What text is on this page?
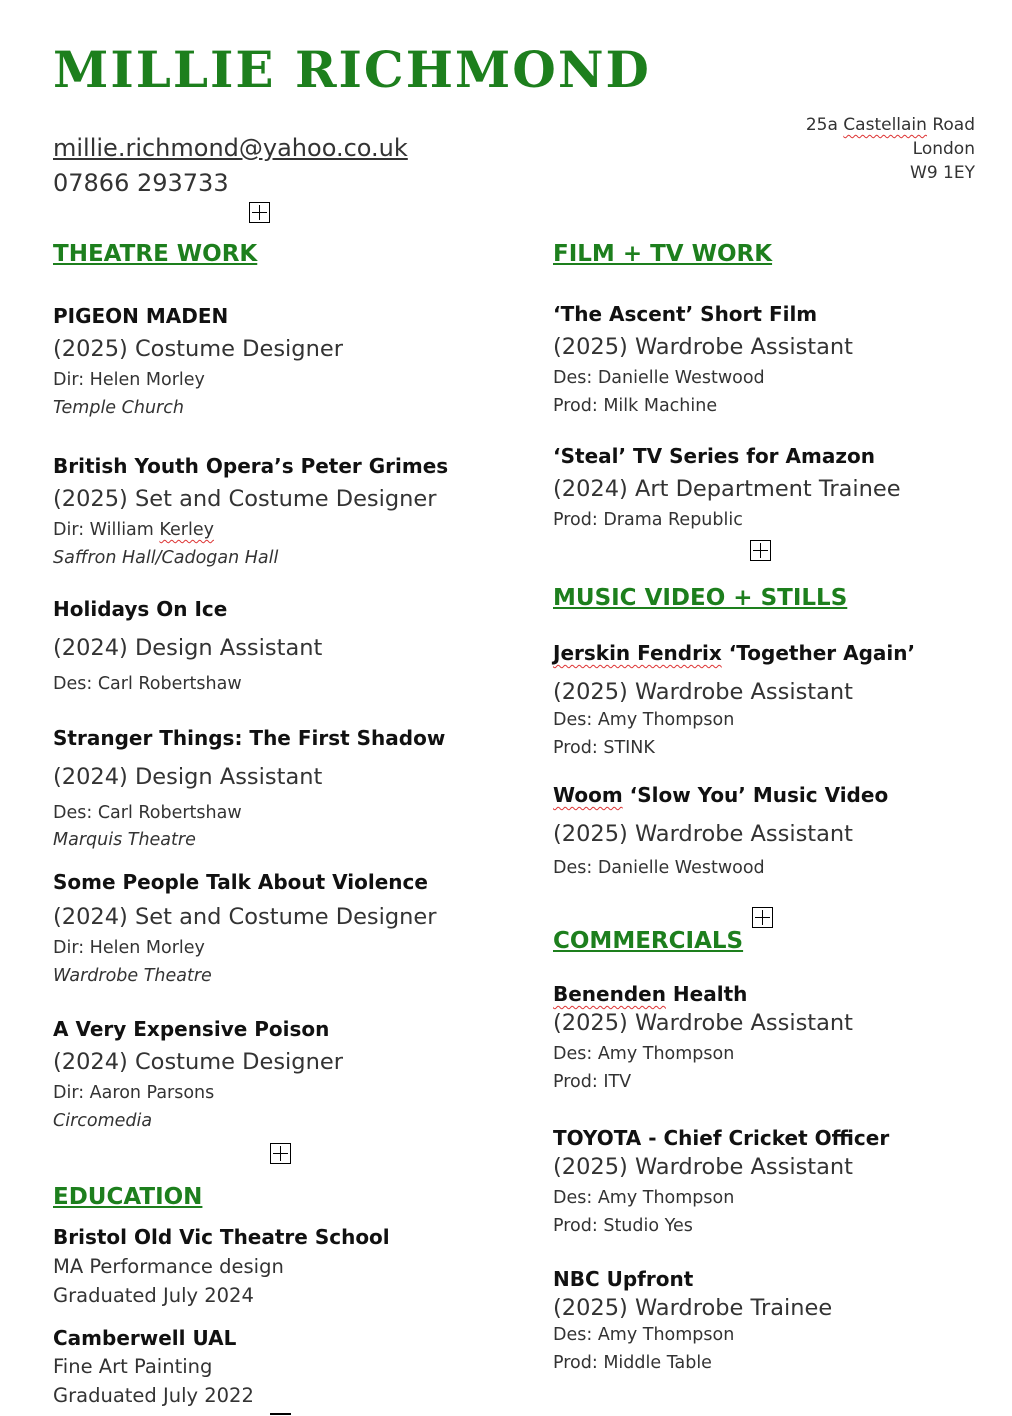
MILLIE RICHMOND
millie.richmond@yahoo.co.uk
07866 293733
25a Castellain Road
London
W9 1EY
THEATRE WORK
PIGEON MADEN
(2025) Costume Designer
Dir: Helen Morley
Temple Church
British Youth Opera’s Peter Grimes
(2025) Set and Costume Designer
Dir: William Kerley
Saffron Hall/Cadogan Hall
Holidays On Ice
(2024) Design Assistant
Des: Carl Robertshaw
Stranger Things: The First Shadow
(2024) Design Assistant
Des: Carl Robertshaw
Marquis Theatre
Some People Talk About Violence
(2024) Set and Costume Designer
Dir: Helen Morley
Wardrobe Theatre
A Very Expensive Poison
(2024) Costume Designer
Dir: Aaron Parsons
Circomedia
EDUCATION
Bristol Old Vic Theatre School
MA Performance design
Graduated July 2024
Camberwell UAL
Fine Art Painting
Graduated July 2022
FILM + TV WORK
‘The Ascent’ Short Film
(2025) Wardrobe Assistant
Des: Danielle Westwood
Prod: Milk Machine
‘Steal’ TV Series for Amazon
(2024) Art Department Trainee
Prod: Drama Republic
MUSIC VIDEO + STILLS
Jerskin Fendrix ‘Together Again’
(2025) Wardrobe Assistant
Des: Amy Thompson
Prod: STINK
Woom ‘Slow You’ Music Video
(2025) Wardrobe Assistant
Des: Danielle Westwood
COMMERCIALS
Benenden Health
(2025) Wardrobe Assistant
Des: Amy Thompson
Prod: ITV
TOYOTA - Chief Cricket Officer
(2025) Wardrobe Assistant
Des: Amy Thompson
Prod: Studio Yes
NBC Upfront
(2025) Wardrobe Trainee
Des: Amy Thompson
Prod: Middle Table
